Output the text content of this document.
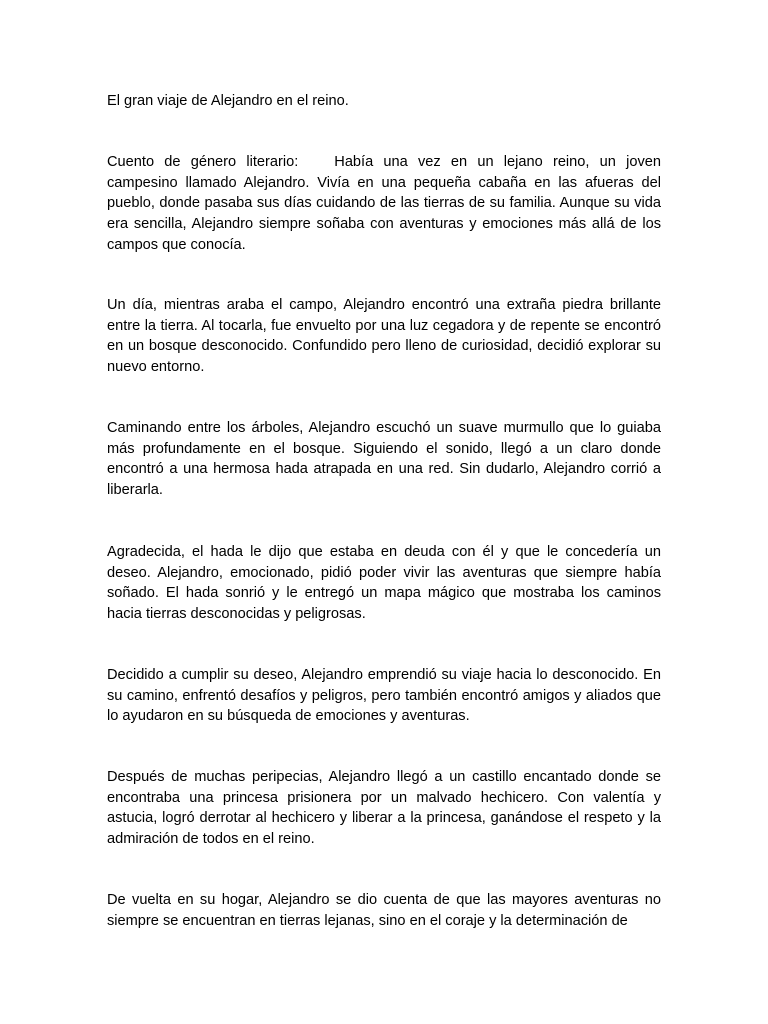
El gran viaje de Alejandro en el reino.

Cuento de género literario: Había una vez en un lejano reino, un joven campesino llamado Alejandro. Vivía en una pequeña cabaña en las afueras del pueblo, donde pasaba sus días cuidando de las tierras de su familia. Aunque su vida era sencilla, Alejandro siempre soñaba con aventuras y emociones más allá de los campos que conocía.

Un día, mientras araba el campo, Alejandro encontró una extraña piedra brillante entre la tierra. Al tocarla, fue envuelto por una luz cegadora y de repente se encontró en un bosque desconocido. Confundido pero lleno de curiosidad, decidió explorar su nuevo entorno.

Caminando entre los árboles, Alejandro escuchó un suave murmullo que lo guiaba más profundamente en el bosque. Siguiendo el sonido, llegó a un claro donde encontró a una hermosa hada atrapada en una red. Sin dudarlo, Alejandro corrió a liberarla.

Agradecida, el hada le dijo que estaba en deuda con él y que le concedería un deseo. Alejandro, emocionado, pidió poder vivir las aventuras que siempre había soñado. El hada sonrió y le entregó un mapa mágico que mostraba los caminos hacia tierras desconocidas y peligrosas.

Decidido a cumplir su deseo, Alejandro emprendió su viaje hacia lo desconocido. En su camino, enfrentó desafíos y peligros, pero también encontró amigos y aliados que lo ayudaron en su búsqueda de emociones y aventuras.

Después de muchas peripecias, Alejandro llegó a un castillo encantado donde se encontraba una princesa prisionera por un malvado hechicero. Con valentía y astucia, logró derrotar al hechicero y liberar a la princesa, ganándose el respeto y la admiración de todos en el reino.

De vuelta en su hogar, Alejandro se dio cuenta de que las mayores aventuras no siempre se encuentran en tierras lejanas, sino en el coraje y la determinación de
